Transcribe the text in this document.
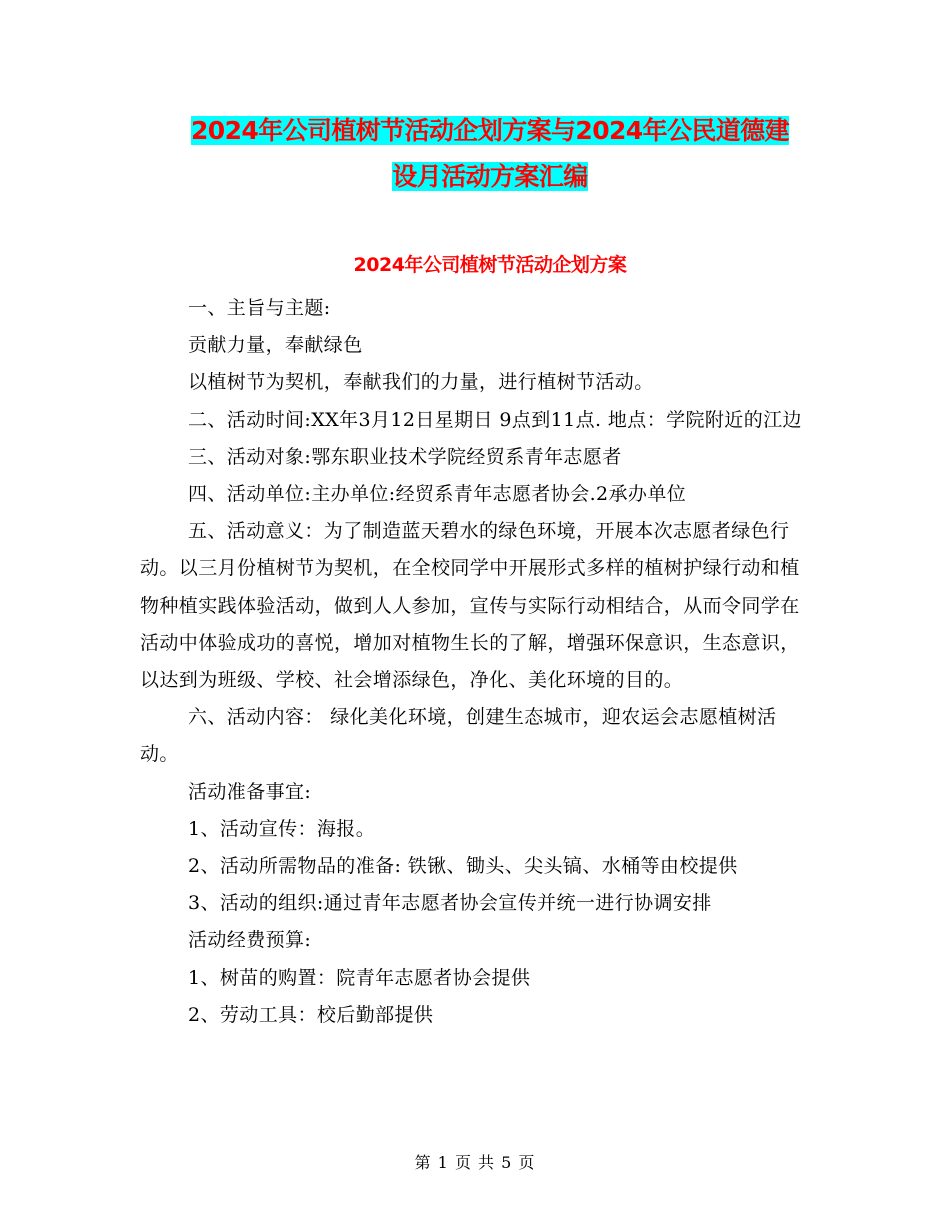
2024年公司植树节活动企划方案与2024年公民道德建
设月活动方案汇编
2024年公司植树节活动企划方案

一、主旨与主题:

贡献力量，奉献绿色

以植树节为契机，奉献我们的力量，进行植树节活动。

二、活动时间:XX年3月12日星期日 9点到11点. 地点：学院附近的江边

三、活动对象:鄂东职业技术学院经贸系青年志愿者

四、活动单位:主办单位:经贸系青年志愿者协会.2承办单位

五、活动意义：为了制造蓝天碧水的绿色环境，开展本次志愿者绿色行动。以三月份植树节为契机，在全校同学中开展形式多样的植树护绿行动和植物种植实践体验活动，做到人人参加，宣传与实际行动相结合，从而令同学在活动中体验成功的喜悦，增加对植物生长的了解，增强环保意识，生态意识，以达到为班级、学校、社会增添绿色，净化、美化环境的目的。

六、活动内容： 绿化美化环境，创建生态城市，迎农运会志愿植树活动。

活动准备事宜:

1、活动宣传：海报。

2、活动所需物品的准备: 铁锹、锄头、尖头镐、水桶等由校提供

3、活动的组织:通过青年志愿者协会宣传并统一进行协调安排

活动经费预算:

1、树苗的购置：院青年志愿者协会提供

2、劳动工具：校后勤部提供

第 1 页 共 5 页
